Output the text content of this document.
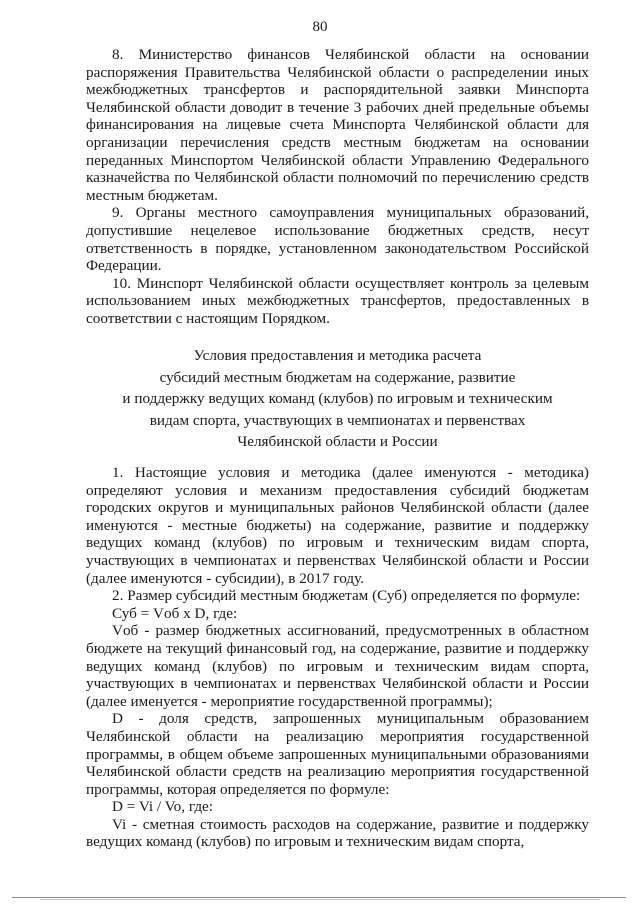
80

8. Министерство финансов Челябинской области на основании распоряжения Правительства Челябинской области о распределении иных межбюджетных трансфертов и распорядительной заявки Минспорта Челябинской области доводит в течение 3 рабочих дней предельные объемы финансирования на лицевые счета Минспорта Челябинской области для организации перечисления средств местным бюджетам на основании переданных Минспортом Челябинской области Управлению Федерального казначейства по Челябинской области полномочий по перечислению средств местным бюджетам.

9. Органы местного самоуправления муниципальных образований, допустившие нецелевое использование бюджетных средств, несут ответственность в порядке, установленном законодательством Российской Федерации.

10. Минспорт Челябинской области осуществляет контроль за целевым использованием иных межбюджетных трансфертов, предоставленных в соответствии с настоящим Порядком.

Условия предоставления и методика расчета
субсидий местным бюджетам на содержание, развитие
и поддержку ведущих команд (клубов) по игровым и техническим
видам спорта, участвующих в чемпионатах и первенствах
Челябинской области и России

1. Настоящие условия и методика (далее именуются - методика) определяют условия и механизм предоставления субсидий бюджетам городских округов и муниципальных районов Челябинской области (далее именуются - местные бюджеты) на содержание, развитие и поддержку ведущих команд (клубов) по игровым и техническим видам спорта, участвующих в чемпионатах и первенствах Челябинской области и России (далее именуются - субсидии), в 2017 году.

2. Размер субсидий местным бюджетам (Суб) определяется по формуле:

Суб = Vоб x D, где:

Vоб - размер бюджетных ассигнований, предусмотренных в областном бюджете на текущий финансовый год, на содержание, развитие и поддержку ведущих команд (клубов) по игровым и техническим видам спорта, участвующих в чемпионатах и первенствах Челябинской области и России (далее именуется - мероприятие государственной программы);

D - доля средств, запрошенных муниципальным образованием Челябинской области на реализацию мероприятия государственной программы, в общем объеме запрошенных муниципальными образованиями Челябинской области средств на реализацию мероприятия государственной программы, которая определяется по формуле:

D = Vi / Vo, где:

Vi - сметная стоимость расходов на содержание, развитие и поддержку ведущих команд (клубов) по игровым и техническим видам спорта,
